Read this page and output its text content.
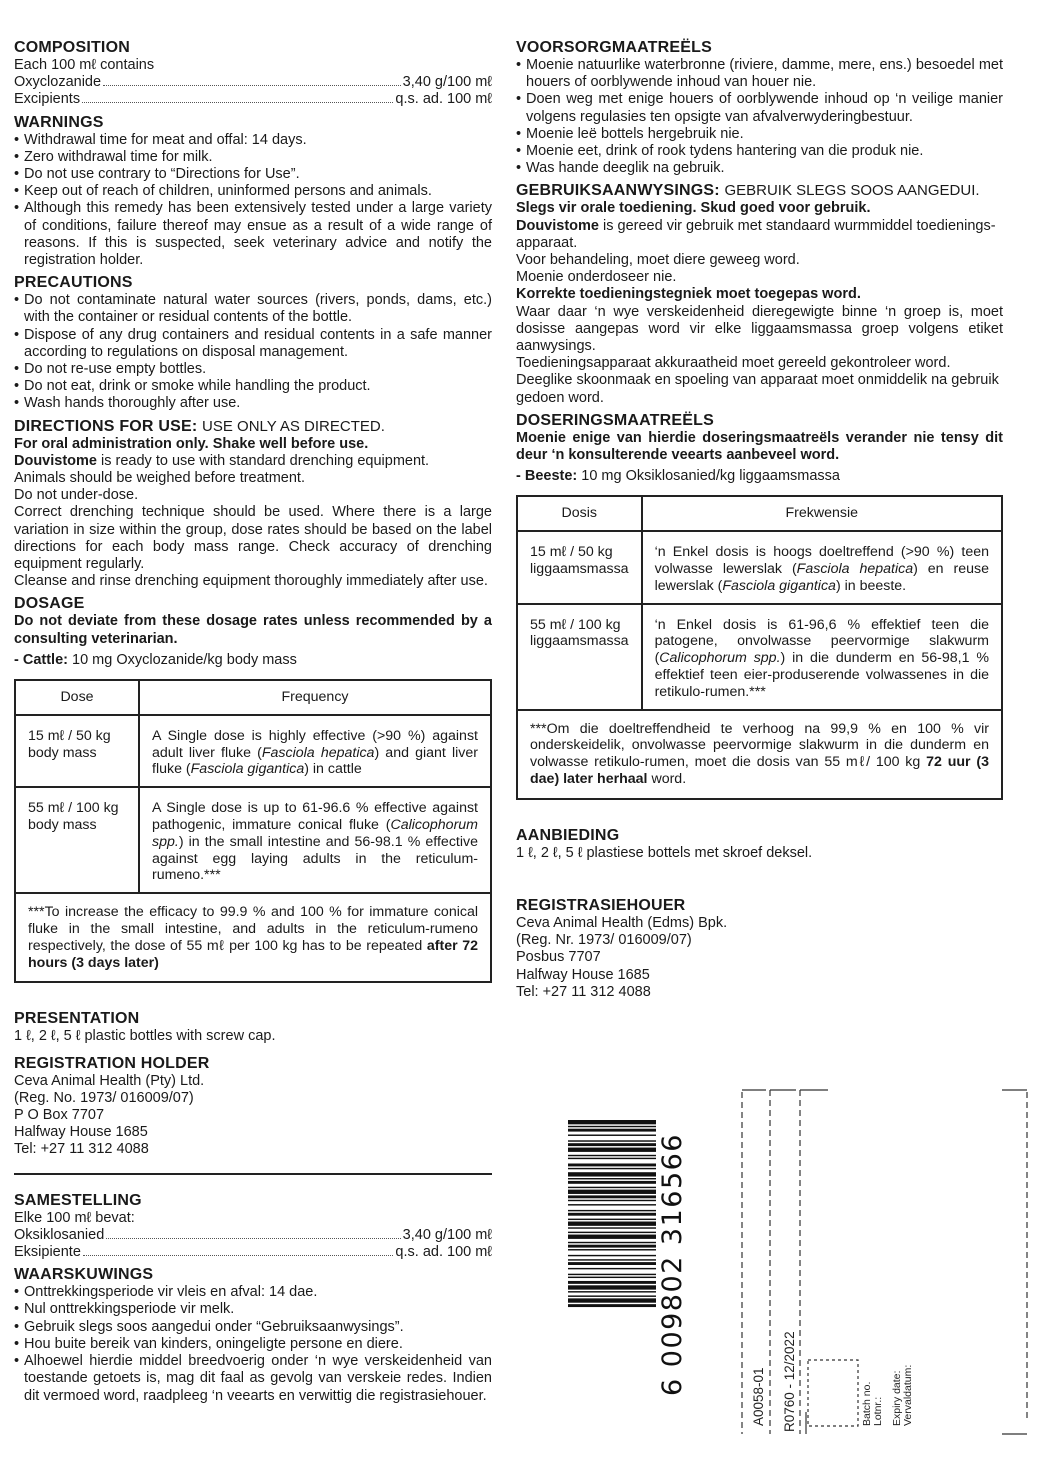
COMPOSITION

Each 100 mℓ contains

Oxyclozanide	3,40 g/100 mℓ
Excipients	q.s. ad. 100 mℓ
WARNINGS
• Withdrawal time for meat and offal: 14 days.
• Zero withdrawal time for milk.
• Do not use contrary to “Directions for Use”.
• Keep out of reach of children, uninformed persons and animals.
• Although this remedy has been extensively tested under a large variety of conditions, failure thereof may ensue as a result of a wide range of reasons. If this is suspected, seek veterinary advice and notify the registration holder.
PRECAUTIONS
• Do not contaminate natural water sources (rivers, ponds, dams, etc.) with the container or residual contents of the bottle.
• Dispose of any drug containers and residual contents in a safe manner according to regulations on disposal management.
• Do not re-use empty bottles.
• Do not eat, drink or smoke while handling the product.
• Wash hands thoroughly after use.
DIRECTIONS FOR USE: USE ONLY AS DIRECTED.

For oral administration only. Shake well before use.

Douvistome is ready to use with standard drenching equipment.

Animals should be weighed before treatment.

Do not under-dose.

Correct drenching technique should be used. Where there is a large variation in size within the group, dose rates should be based on the label directions for each body mass range. Check accuracy of drenching equipment regularly.

Cleanse and rinse drenching equipment thoroughly immediately after use.

DOSAGE

Do not deviate from these dosage rates unless recommended by a consulting veterinarian.

- Cattle: 10 mg Oxyclozanide/kg body mass

Dose	Frequency
15 mℓ / 50 kg body mass	A Single dose is highly effective (>90 %) against adult liver fluke (Fasciola hepatica) and giant liver fluke (Fasciola gigantica) in cattle
55 mℓ / 100 kg body mass	A Single dose is up to 61-96.6 % effective against pathogenic, immature conical fluke (Calicophorum spp.) in the small intestine and 56-98.1 % effective against egg laying adults in the reticulum- rumeno.***
***To increase the efficacy to 99.9 % and 100 % for immature conical fluke in the small intestine, and adults in the reticulum-rumeno respectively, the dose of 55 mℓ per 100 kg has to be repeated after 72 hours (3 days later)	
PRESENTATION

1 ℓ, 2 ℓ, 5 ℓ plastic bottles with screw cap.

REGISTRATION HOLDER

Ceva Animal Health (Pty) Ltd.

(Reg. No. 1973/ 016009/07)

P O Box 7707

Halfway House 1685

Tel: +27 11 312 4088

SAMESTELLING

Elke 100 mℓ bevat:

Oksiklosanied	3,40 g/100 mℓ
Eksipiente	q.s. ad. 100 mℓ
WAARSKUWINGS
• Onttrekkingsperiode vir vleis en afval: 14 dae.
• Nul onttrekkingsperiode vir melk.
• Gebruik slegs soos aangedui onder “Gebruiksaanwysings”.
• Hou buite bereik van kinders, oningeligte persone en diere.
• Alhoewel hierdie middel breedvoerig onder ‘n wye verskeidenheid van toestande getoets is, mag dit faal as gevolg van verskeie redes. Indien dit vermoed word, raadpleeg ‘n veearts en verwittig die registrasiehouer.
VOORSORGMAATREËLS
• Moenie natuurlike waterbronne (riviere, damme, mere, ens.) besoedel met houers of oorblywende inhoud van houer nie.
• Doen weg met enige houers of oorblywende inhoud op ‘n veilige manier volgens regulasies ten opsigte van afvalverwyderingbestuur.
• Moenie leë bottels hergebruik nie.
• Moenie eet, drink of rook tydens hantering van die produk nie.
• Was hande deeglik na gebruik.
GEBRUIKSAANWYSINGS: GEBRUIK SLEGS SOOS AANGEDUI.

Slegs vir orale toediening. Skud goed voor gebruik.

Douvistome is gereed vir gebruik met standaard wurmmiddel toedienings-apparaat.

Voor behandeling, moet diere geweeg word.

Moenie onderdoseer nie.

Korrekte toedieningstegniek moet toegepas word.

Waar daar ‘n wye verskeidenheid dieregewigte binne ‘n groep is, moet dosisse aangepas word vir elke liggaamsmassa groep volgens etiket aanwysings.

Toedieningsapparaat akkuraatheid moet gereeld gekontroleer word.

Deeglike skoonmaak en spoeling van apparaat moet onmiddelik na gebruik gedoen word.

DOSERINGSMAATREËLS

Moenie enige van hierdie doseringsmaatreëls verander nie tensy dit deur ‘n konsulterende veearts aanbeveel word.

- Beeste: 10 mg Oksiklosanied/kg liggaamsmassa

Dosis	Frekwensie
15 mℓ / 50 kg liggaamsmassa	‘n Enkel dosis is hoogs doeltreffend (>90 %) teen volwasse lewerslak (Fasciola hepatica) en reuse lewerslak (Fasciola gigantica) in beeste.
55 mℓ / 100 kg liggaamsmassa	‘n Enkel dosis is 61-96,6 % effektief teen die patogene, onvolwasse peervormige slakwurm (Calicophorum spp.) in die dunderm en 56-98,1 % effektief teen eier-produserende volwassenes in die retikulo-rumen.***
***Om die doeltreffendheid te verhoog na 99,9 % en 100 % vir onderskeidelik, onvolwasse peervormige slakwurm in die dunderm en volwasse retikulo-rumen, moet die dosis van 55 mℓ/ 100 kg 72 uur (3 dae) later herhaal word.	
AANBIEDING

1 ℓ, 2 ℓ, 5 ℓ plastiese bottels met skroef deksel.

REGISTRASIEHOUER

Ceva Animal Health (Edms) Bpk.

(Reg. Nr. 1973/ 016009/07)

Posbus 7707

Halfway House 1685

Tel: +27 11 312 4088

6 009802 316566
A0058-01 R0760 - 12/2022	Batch no.
Lotnr.: Expiry date:
Vervaldatum:
